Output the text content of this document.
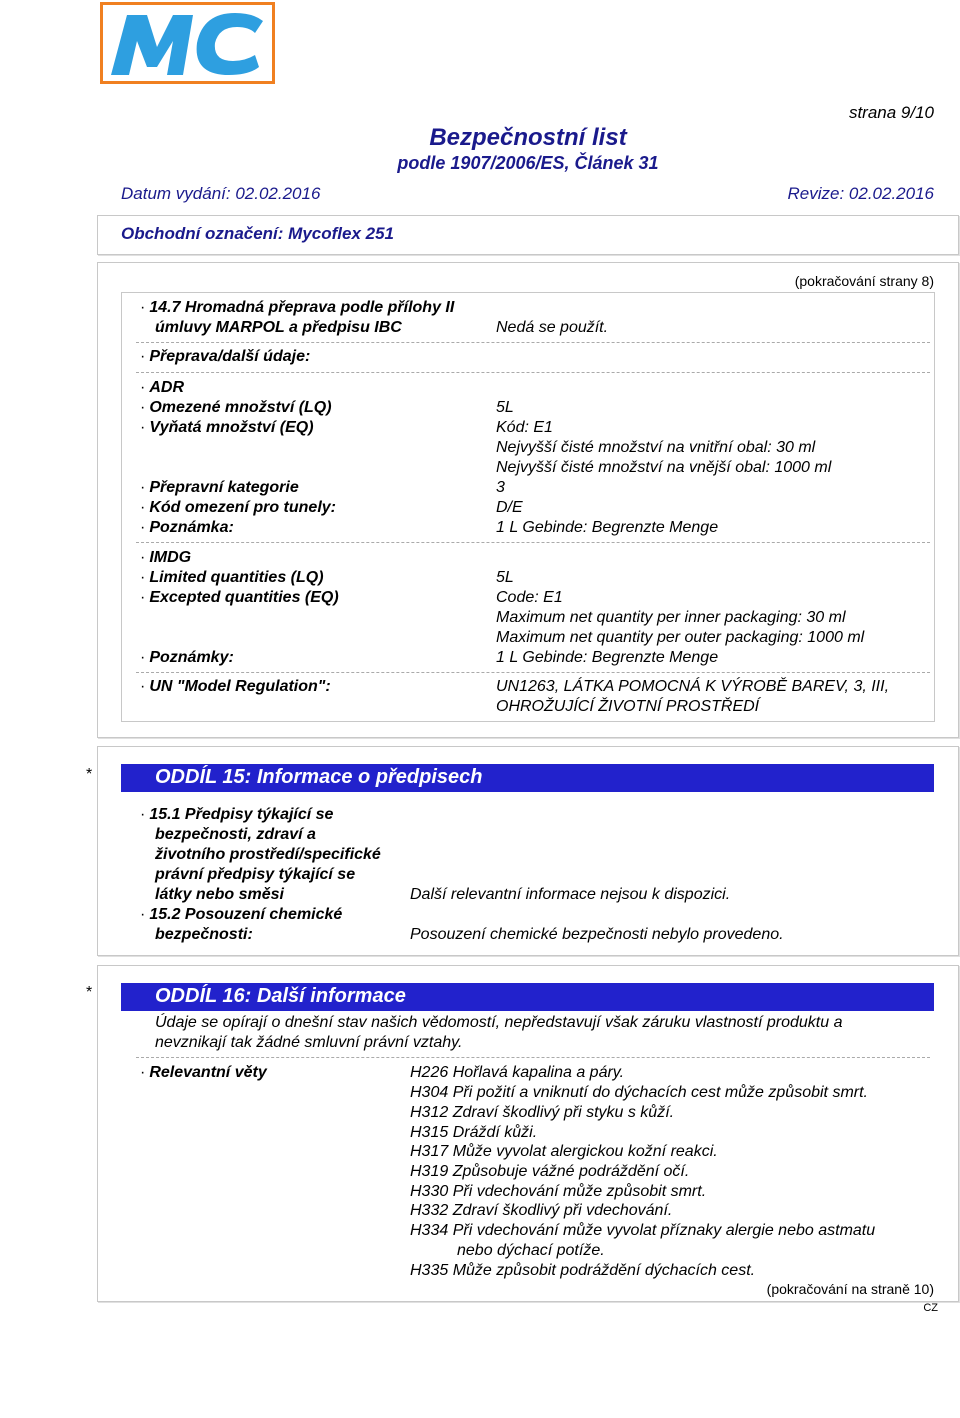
strana 9/10
Bezpečnostní list
podle 1907/2006/ES, Článek 31
Datum vydání: 02.02.2016	Revize: 02.02.2016
Obchodní označení: Mycoflex 251
(pokračování strany 8)
· 14.7 Hromadná přeprava podle přílohy II
úmluvy MARPOL a předpisu IBC	Nedá se použít.
· Přeprava/další údaje:
· ADR
· Omezené množství (LQ)	5L
· Vyňatá množství (EQ)	Kód: E1
Nejvyšší čisté množství na vnitřní obal: 30 ml
Nejvyšší čisté množství na vnější obal: 1000 ml
· Přepravní kategorie	3
· Kód omezení pro tunely:	D/E
· Poznámka:	1 L Gebinde: Begrenzte Menge
· IMDG
· Limited quantities (LQ)	5L
· Excepted quantities (EQ)	Code: E1
Maximum net quantity per inner packaging: 30 ml
Maximum net quantity per outer packaging: 1000 ml
· Poznámky:	1 L Gebinde: Begrenzte Menge
· UN "Model Regulation":	UN1263, LÁTKA POMOCNÁ K VÝROBĚ BAREV, 3, III,
OHROŽUJÍCÍ ŽIVOTNÍ PROSTŘEDÍ
*	ODDÍL 15: Informace o předpisech
· 15.1 Předpisy týkající se
bezpečnosti, zdraví a
životního prostředí/specifické
právní předpisy týkající se
látky nebo směsi	Další relevantní informace nejsou k dispozici.
· 15.2 Posouzení chemické
bezpečnosti:	Posouzení chemické bezpečnosti nebylo provedeno.
*	ODDÍL 16: Další informace
Údaje se opírají o dnešní stav našich vědomostí, nepředstavují však záruku vlastností produktu a
nevznikají tak žádné smluvní právní vztahy.
· Relevantní věty	H226 Hořlavá kapalina a páry.
H304 Při požití a vniknutí do dýchacích cest může způsobit smrt.
H312 Zdraví škodlivý při styku s kůží.
H315 Dráždí kůži.
H317 Může vyvolat alergickou kožní reakci.
H319 Způsobuje vážné podráždění očí.
H330 Při vdechování může způsobit smrt.
H332 Zdraví škodlivý při vdechování.
H334 Při vdechování může vyvolat příznaky alergie nebo astmatu
nebo dýchací potíže.
H335 Může způsobit podráždění dýchacích cest.
(pokračování na straně 10)
CZ
